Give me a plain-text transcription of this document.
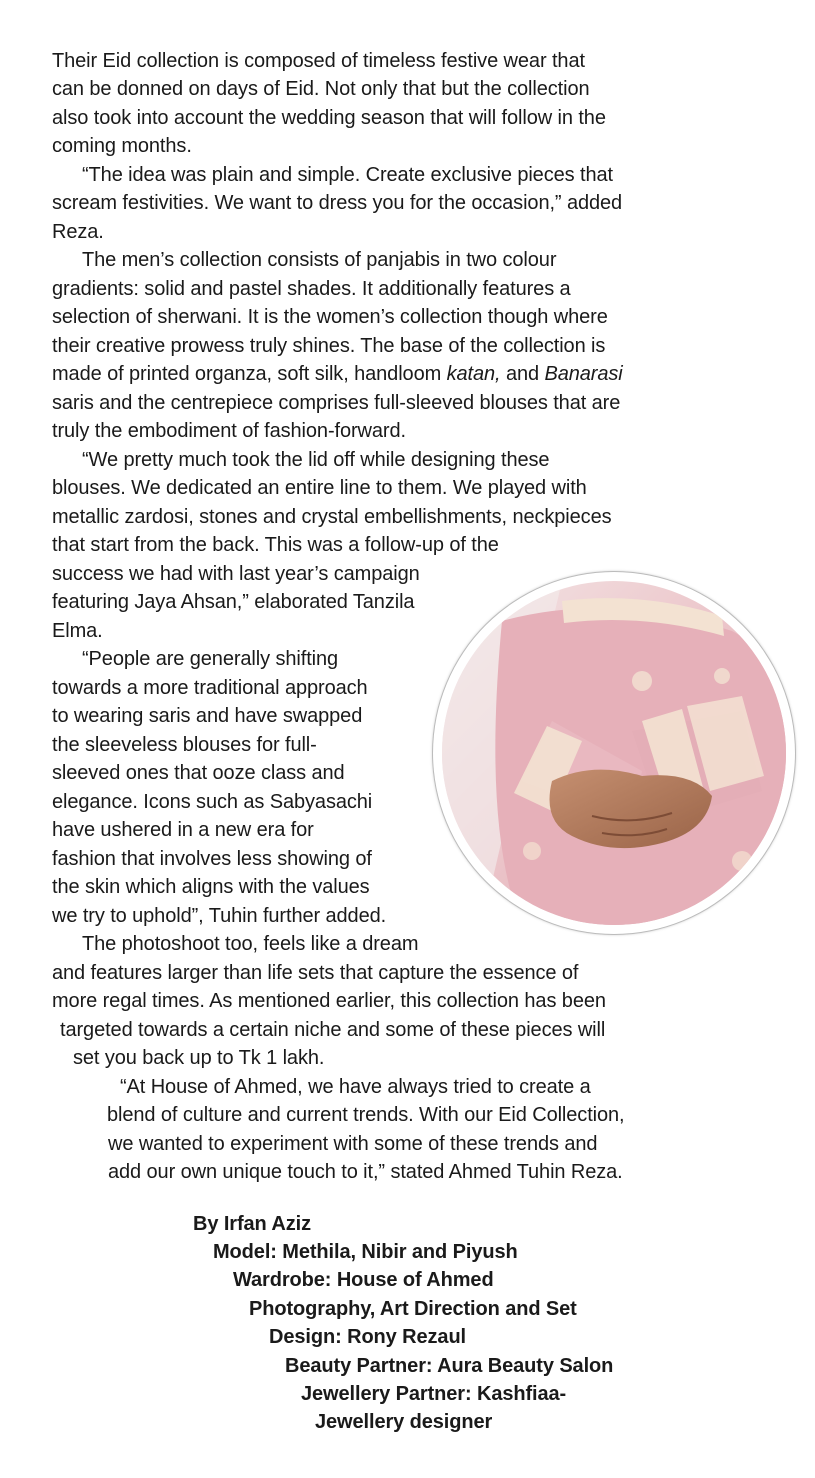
Their Eid collection is composed of timeless festive wear that
can be donned on days of Eid. Not only that but the collection
also took into account the wedding season that will follow in the
coming months.
“The idea was plain and simple. Create exclusive pieces that
scream festivities. We want to dress you for the occasion,” added
Reza.
The men’s collection consists of panjabis in two colour
gradients: solid and pastel shades. It additionally features a
selection of sherwani. It is the women’s collection though where
their creative prowess truly shines. The base of the collection is
made of printed organza, soft silk, handloom katan, and Banarasi
saris and the centrepiece comprises full-sleeved blouses that are
truly the embodiment of fashion-forward.
“We pretty much took the lid off while designing these
blouses. We dedicated an entire line to them. We played with
metallic zardosi, stones and crystal embellishments, neckpieces
that start from the back. This was a follow-up of the
success we had with last year’s campaign
featuring Jaya Ahsan,” elaborated Tanzila
Elma.
“People are generally shifting
towards a more traditional approach
to wearing saris and have swapped
the sleeveless blouses for full-
sleeved ones that ooze class and
elegance. Icons such as Sabyasachi
have ushered in a new era for
fashion that involves less showing of
the skin which aligns with the values
we try to uphold”, Tuhin further added.
The photoshoot too, feels like a dream
and features larger than life sets that capture the essence of
more regal times. As mentioned earlier, this collection has been
targeted towards a certain niche and some of these pieces will
set you back up to Tk 1 lakh.
“At House of Ahmed, we have always tried to create a
blend of culture and current trends. With our Eid Collection,
we wanted to experiment with some of these trends and
add our own unique touch to it,” stated Ahmed Tuhin Reza.
By Irfan Aziz
Model: Methila, Nibir and Piyush
Wardrobe: House of Ahmed
Photography, Art Direction and Set
Design: Rony Rezaul
Beauty Partner: Aura Beauty Salon
Jewellery Partner: Kashfiaa-
Jewellery designer
